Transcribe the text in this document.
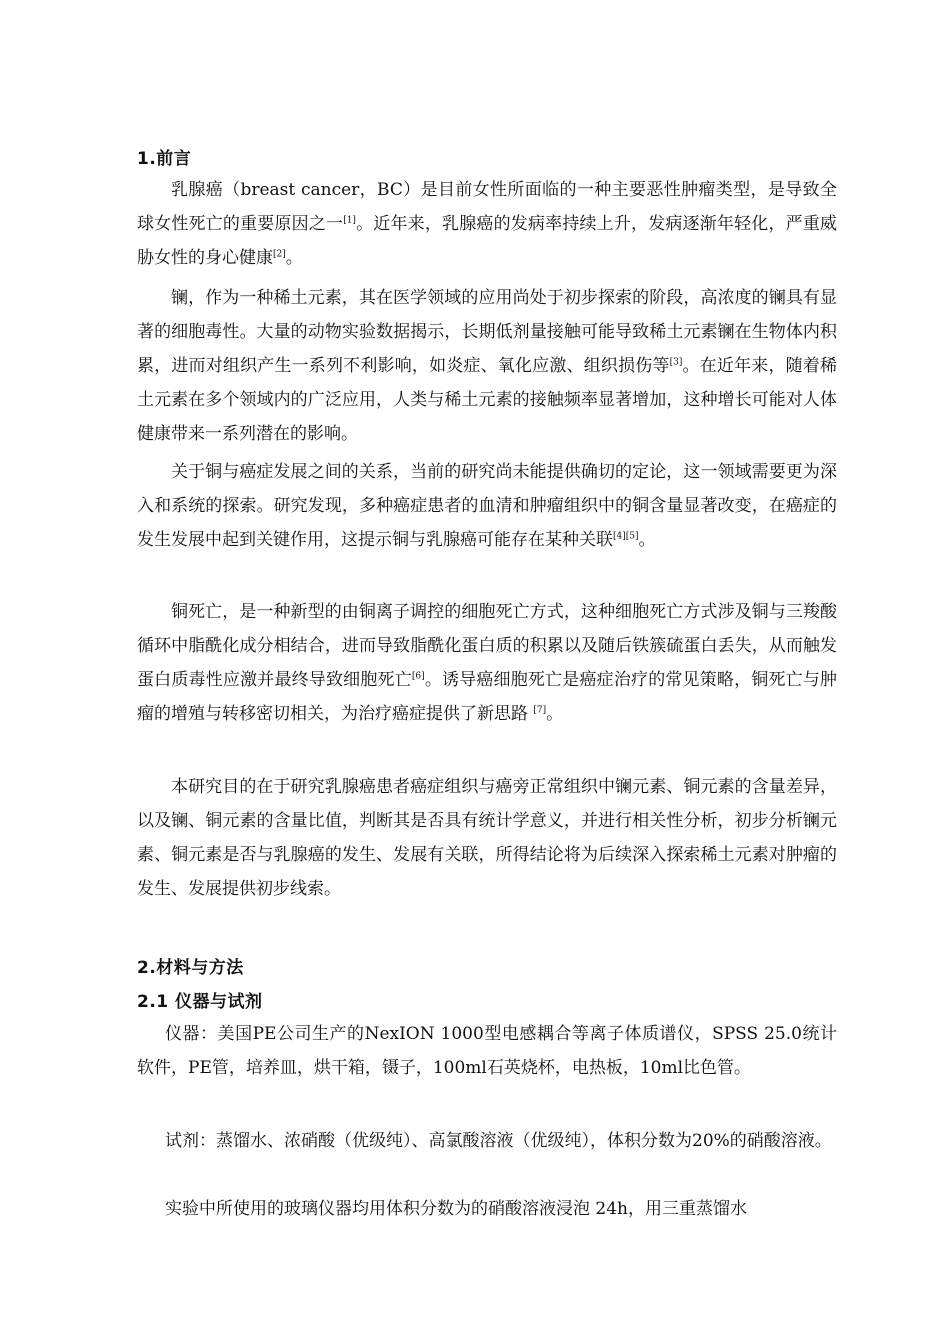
1.前言

乳腺癌（breast cancer，BC）是目前女性所面临的一种主要恶性肿瘤类型，是导致全球女性死亡的重要原因之一[1]。近年来，乳腺癌的发病率持续上升，发病逐渐年轻化，严重威胁女性的身心健康[2]。

镧，作为一种稀土元素，其在医学领域的应用尚处于初步探索的阶段，高浓度的镧具有显著的细胞毒性。大量的动物实验数据揭示，长期低剂量接触可能导致稀土元素镧在生物体内积累，进而对组织产生一系列不利影响，如炎症、氧化应激、组织损伤等[3]。在近年来，随着稀土元素在多个领域内的广泛应用，人类与稀土元素的接触频率显著增加，这种增长可能对人体健康带来一系列潜在的影响。

关于铜与癌症发展之间的关系，当前的研究尚未能提供确切的定论，这一领域需要更为深入和系统的探索。研究发现，多种癌症患者的血清和肿瘤组织中的铜含量显著改变，在癌症的发生发展中起到关键作用，这提示铜与乳腺癌可能存在某种关联[4][5]。

铜死亡，是一种新型的由铜离子调控的细胞死亡方式，这种细胞死亡方式涉及铜与三羧酸循环中脂酰化成分相结合，进而导致脂酰化蛋白质的积累以及随后铁簇硫蛋白丢失，从而触发蛋白质毒性应激并最终导致细胞死亡[6]。诱导癌细胞死亡是癌症治疗的常见策略，铜死亡与肿瘤的增殖与转移密切相关，为治疗癌症提供了新思路 [7]。

本研究目的在于研究乳腺癌患者癌症组织与癌旁正常组织中镧元素、铜元素的含量差异，以及镧、铜元素的含量比值，判断其是否具有统计学意义，并进行相关性分析，初步分析镧元素、铜元素是否与乳腺癌的发生、发展有关联，所得结论将为后续深入探索稀土元素对肿瘤的发生、发展提供初步线索。

2.材料与方法
2.1 仪器与试剂

仪器：美国PE公司生产的NexION 1000型电感耦合等离子体质谱仪，SPSS 25.0统计软件，PE管，培养皿，烘干箱，镊子，100ml石英烧杯，电热板，10ml比色管。

试剂：蒸馏水、浓硝酸（优级纯）、高氯酸溶液（优级纯），体积分数为20%的硝酸溶液。

实验中所使用的玻璃仪器均用体积分数为的硝酸溶液浸泡 24h，用三重蒸馏水
